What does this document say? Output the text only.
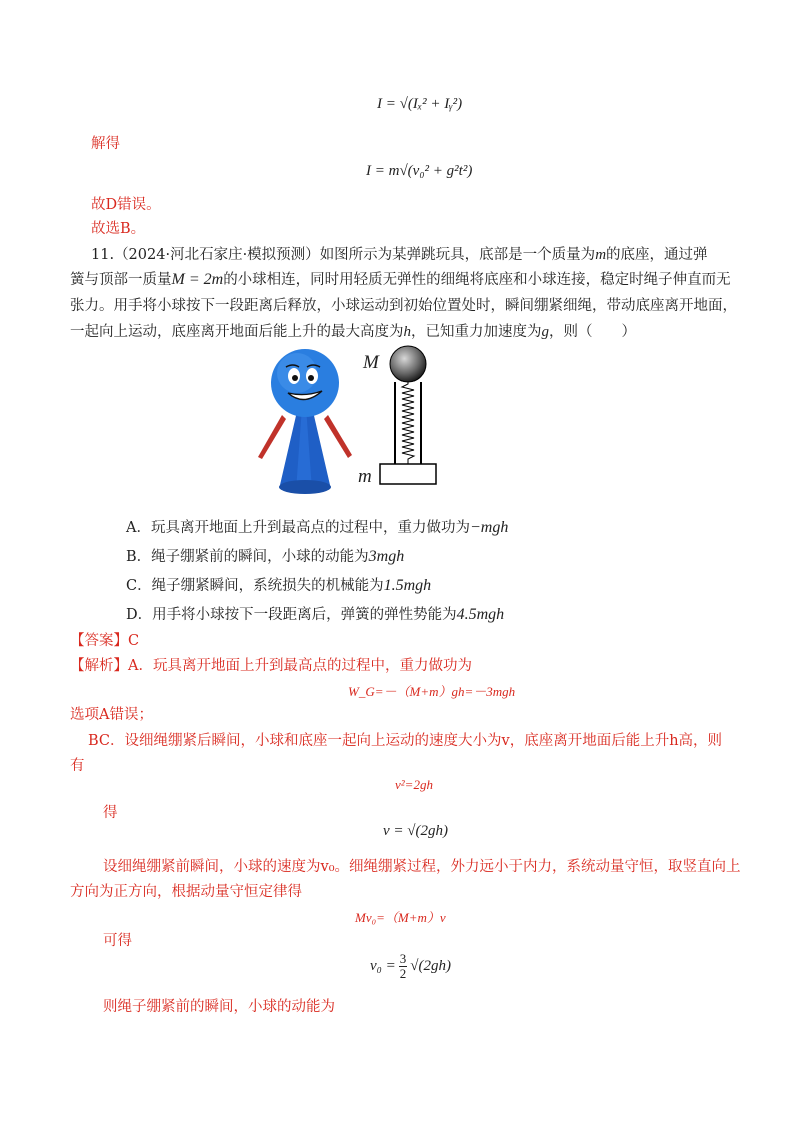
I = √(Iₓ² + Iᵧ²)
解得
I = m√(v₀² + g²t²)
故D错误。
故选B。
11.（2024·河北石家庄·模拟预测）如图所示为某弹跳玩具，底部是一个质量为m的底座，通过弹
簧与顶部一质量M = 2m的小球相连，同时用轻质无弹性的细绳将底座和小球连接，稳定时绳子伸直而无
张力。用手将小球按下一段距离后释放，小球运动到初始位置处时，瞬间绷紧细绳，带动底座离开地面，
一起向上运动，底座离开地面后能上升的最大高度为h，已知重力加速度为g，则（　　）
M
m
A．玩具离开地面上升到最高点的过程中，重力做功为−mgh
B．绳子绷紧前的瞬间，小球的动能为3mgh
C．绳子绷紧瞬间，系统损失的机械能为1.5mgh
D．用手将小球按下一段距离后，弹簧的弹性势能为4.5mgh
【答案】C
【解析】A．玩具离开地面上升到最高点的过程中，重力做功为
W_G=－（M+m）gh=－3mgh
选项A错误；
BC．设细绳绷紧后瞬间，小球和底座一起向上运动的速度大小为v，底座离开地面后能上升h高，则
有
v²=2gh
得
v = √(2gh)
设细绳绷紧前瞬间，小球的速度为v₀。细绳绷紧过程，外力远小于内力，系统动量守恒，取竖直向上
方向为正方向，根据动量守恒定律得
Mv₀=（M+m）v
可得
$v_0 = \frac{3}{2} √(2gh)$
则绳子绷紧前的瞬间，小球的动能为
